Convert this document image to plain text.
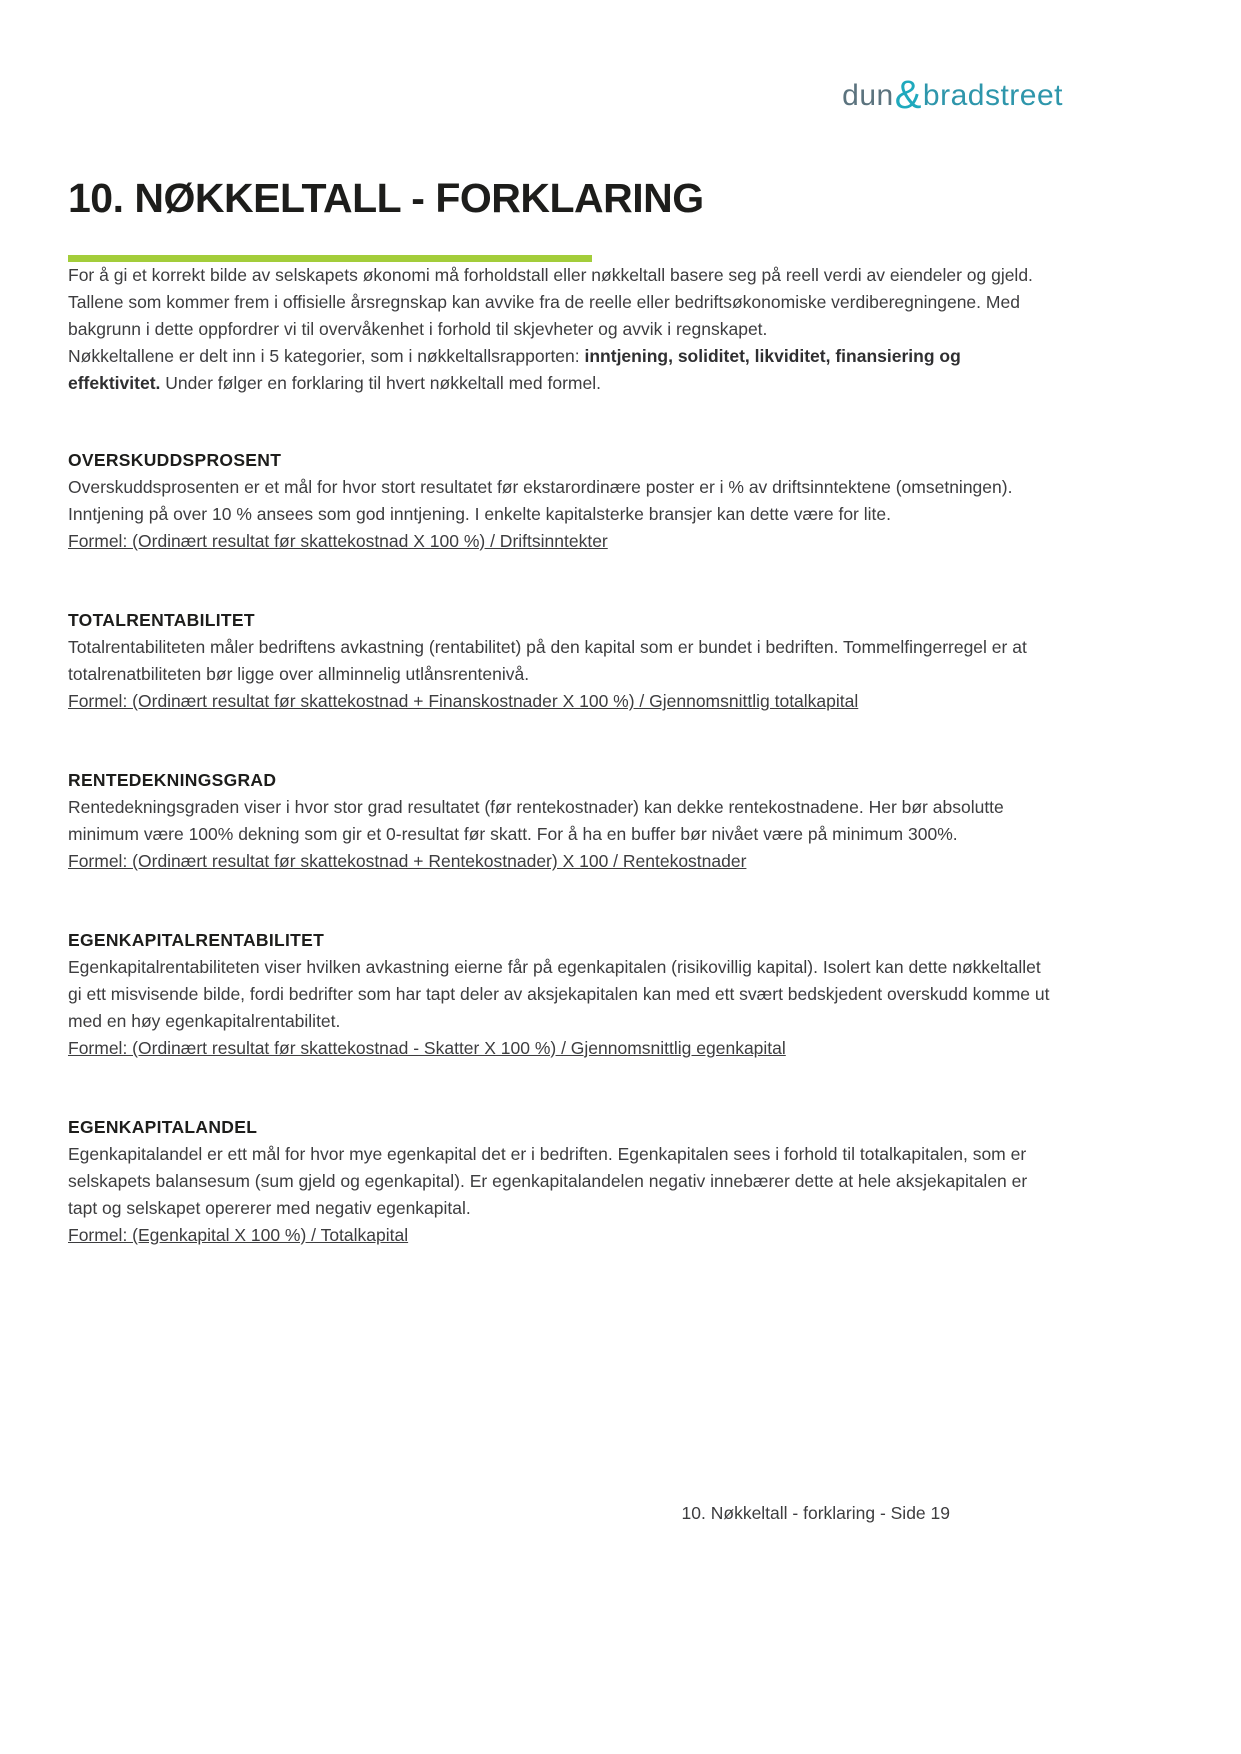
dun&bradstreet
10. NØKKELTALL - FORKLARING

For å gi et korrekt bilde av selskapets økonomi må forholdstall eller nøkkeltall basere seg på reell verdi av eiendeler og gjeld. Tallene som kommer frem i offisielle årsregnskap kan avvike fra de reelle eller bedriftsøkonomiske verdiberegningene. Med bakgrunn i dette oppfordrer vi til overvåkenhet i forhold til skjevheter og avvik i regnskapet.

Nøkkeltallene er delt inn i 5 kategorier, som i nøkkeltallsrapporten: inntjening, soliditet, likviditet, finansiering og effektivitet. Under følger en forklaring til hvert nøkkeltall med formel.

OVERSKUDDSPROSENT

Overskuddsprosenten er et mål for hvor stort resultatet før ekstarordinære poster er i % av driftsinntektene (omsetningen). Inntjening på over 10 % ansees som god inntjening. I enkelte kapitalsterke bransjer kan dette være for lite.

Formel: (Ordinært resultat før skattekostnad X 100 %) / Driftsinntekter

TOTALRENTABILITET

Totalrentabiliteten måler bedriftens avkastning (rentabilitet) på den kapital som er bundet i bedriften. Tommelfingerregel er at totalrenatbiliteten bør ligge over allminnelig utlånsrentenivå.

Formel: (Ordinært resultat før skattekostnad + Finanskostnader X 100 %) / Gjennomsnittlig totalkapital

RENTEDEKNINGSGRAD

Rentedekningsgraden viser i hvor stor grad resultatet (før rentekostnader) kan dekke rentekostnadene. Her bør absolutte minimum være 100% dekning som gir et 0-resultat før skatt. For å ha en buffer bør nivået være på minimum 300%.

Formel: (Ordinært resultat før skattekostnad + Rentekostnader) X 100 / Rentekostnader

EGENKAPITALRENTABILITET

Egenkapitalrentabiliteten viser hvilken avkastning eierne får på egenkapitalen (risikovillig kapital). Isolert kan dette nøkkeltallet gi ett misvisende bilde, fordi bedrifter som har tapt deler av aksjekapitalen kan med ett svært bedskjedent overskudd komme ut med en høy egenkapitalrentabilitet.

Formel: (Ordinært resultat før skattekostnad - Skatter X 100 %) / Gjennomsnittlig egenkapital

EGENKAPITALANDEL

Egenkapitalandel er ett mål for hvor mye egenkapital det er i bedriften. Egenkapitalen sees i forhold til totalkapitalen, som er selskapets balansesum (sum gjeld og egenkapital). Er egenkapitalandelen negativ innebærer dette at hele aksjekapitalen er tapt og selskapet opererer med negativ egenkapital.

Formel: (Egenkapital X 100 %) / Totalkapital

10. Nøkkeltall - forklaring - Side 19
